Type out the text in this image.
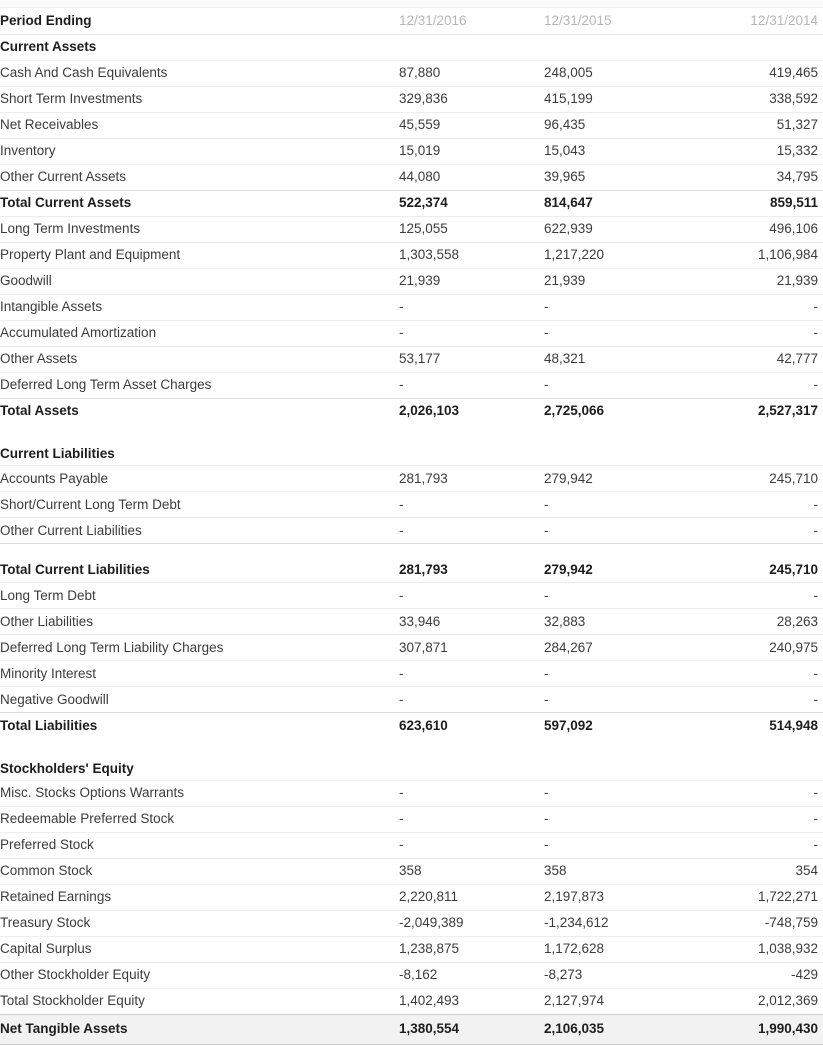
Period Ending	12/31/2016	12/31/2015	12/31/2014
Current Assets			
Cash And Cash Equivalents	87,880	248,005	419,465
Short Term Investments	329,836	415,199	338,592
Net Receivables	45,559	96,435	51,327
Inventory	15,019	15,043	15,332
Other Current Assets	44,080	39,965	34,795
Total Current Assets	522,374	814,647	859,511
Long Term Investments	125,055	622,939	496,106
Property Plant and Equipment	1,303,558	1,217,220	1,106,984
Goodwill	21,939	21,939	21,939
Intangible Assets	-	-	-
Accumulated Amortization	-	-	-
Other Assets	53,177	48,321	42,777
Deferred Long Term Asset Charges	-	-	-
Total Assets	2,026,103	2,725,066	2,527,317
Current Liabilities			
Accounts Payable	281,793	279,942	245,710
Short/Current Long Term Debt	-	-	-
Other Current Liabilities	-	-	-
Total Current Liabilities	281,793	279,942	245,710
Long Term Debt	-	-	-
Other Liabilities	33,946	32,883	28,263
Deferred Long Term Liability Charges	307,871	284,267	240,975
Minority Interest	-	-	-
Negative Goodwill	-	-	-
Total Liabilities	623,610	597,092	514,948
Stockholders' Equity			
Misc. Stocks Options Warrants	-	-	-
Redeemable Preferred Stock	-	-	-
Preferred Stock	-	-	-
Common Stock	358	358	354
Retained Earnings	2,220,811	2,197,873	1,722,271
Treasury Stock	-2,049,389	-1,234,612	-748,759
Capital Surplus	1,238,875	1,172,628	1,038,932
Other Stockholder Equity	-8,162	-8,273	-429
Total Stockholder Equity	1,402,493	2,127,974	2,012,369
Net Tangible Assets	1,380,554	2,106,035	1,990,430
